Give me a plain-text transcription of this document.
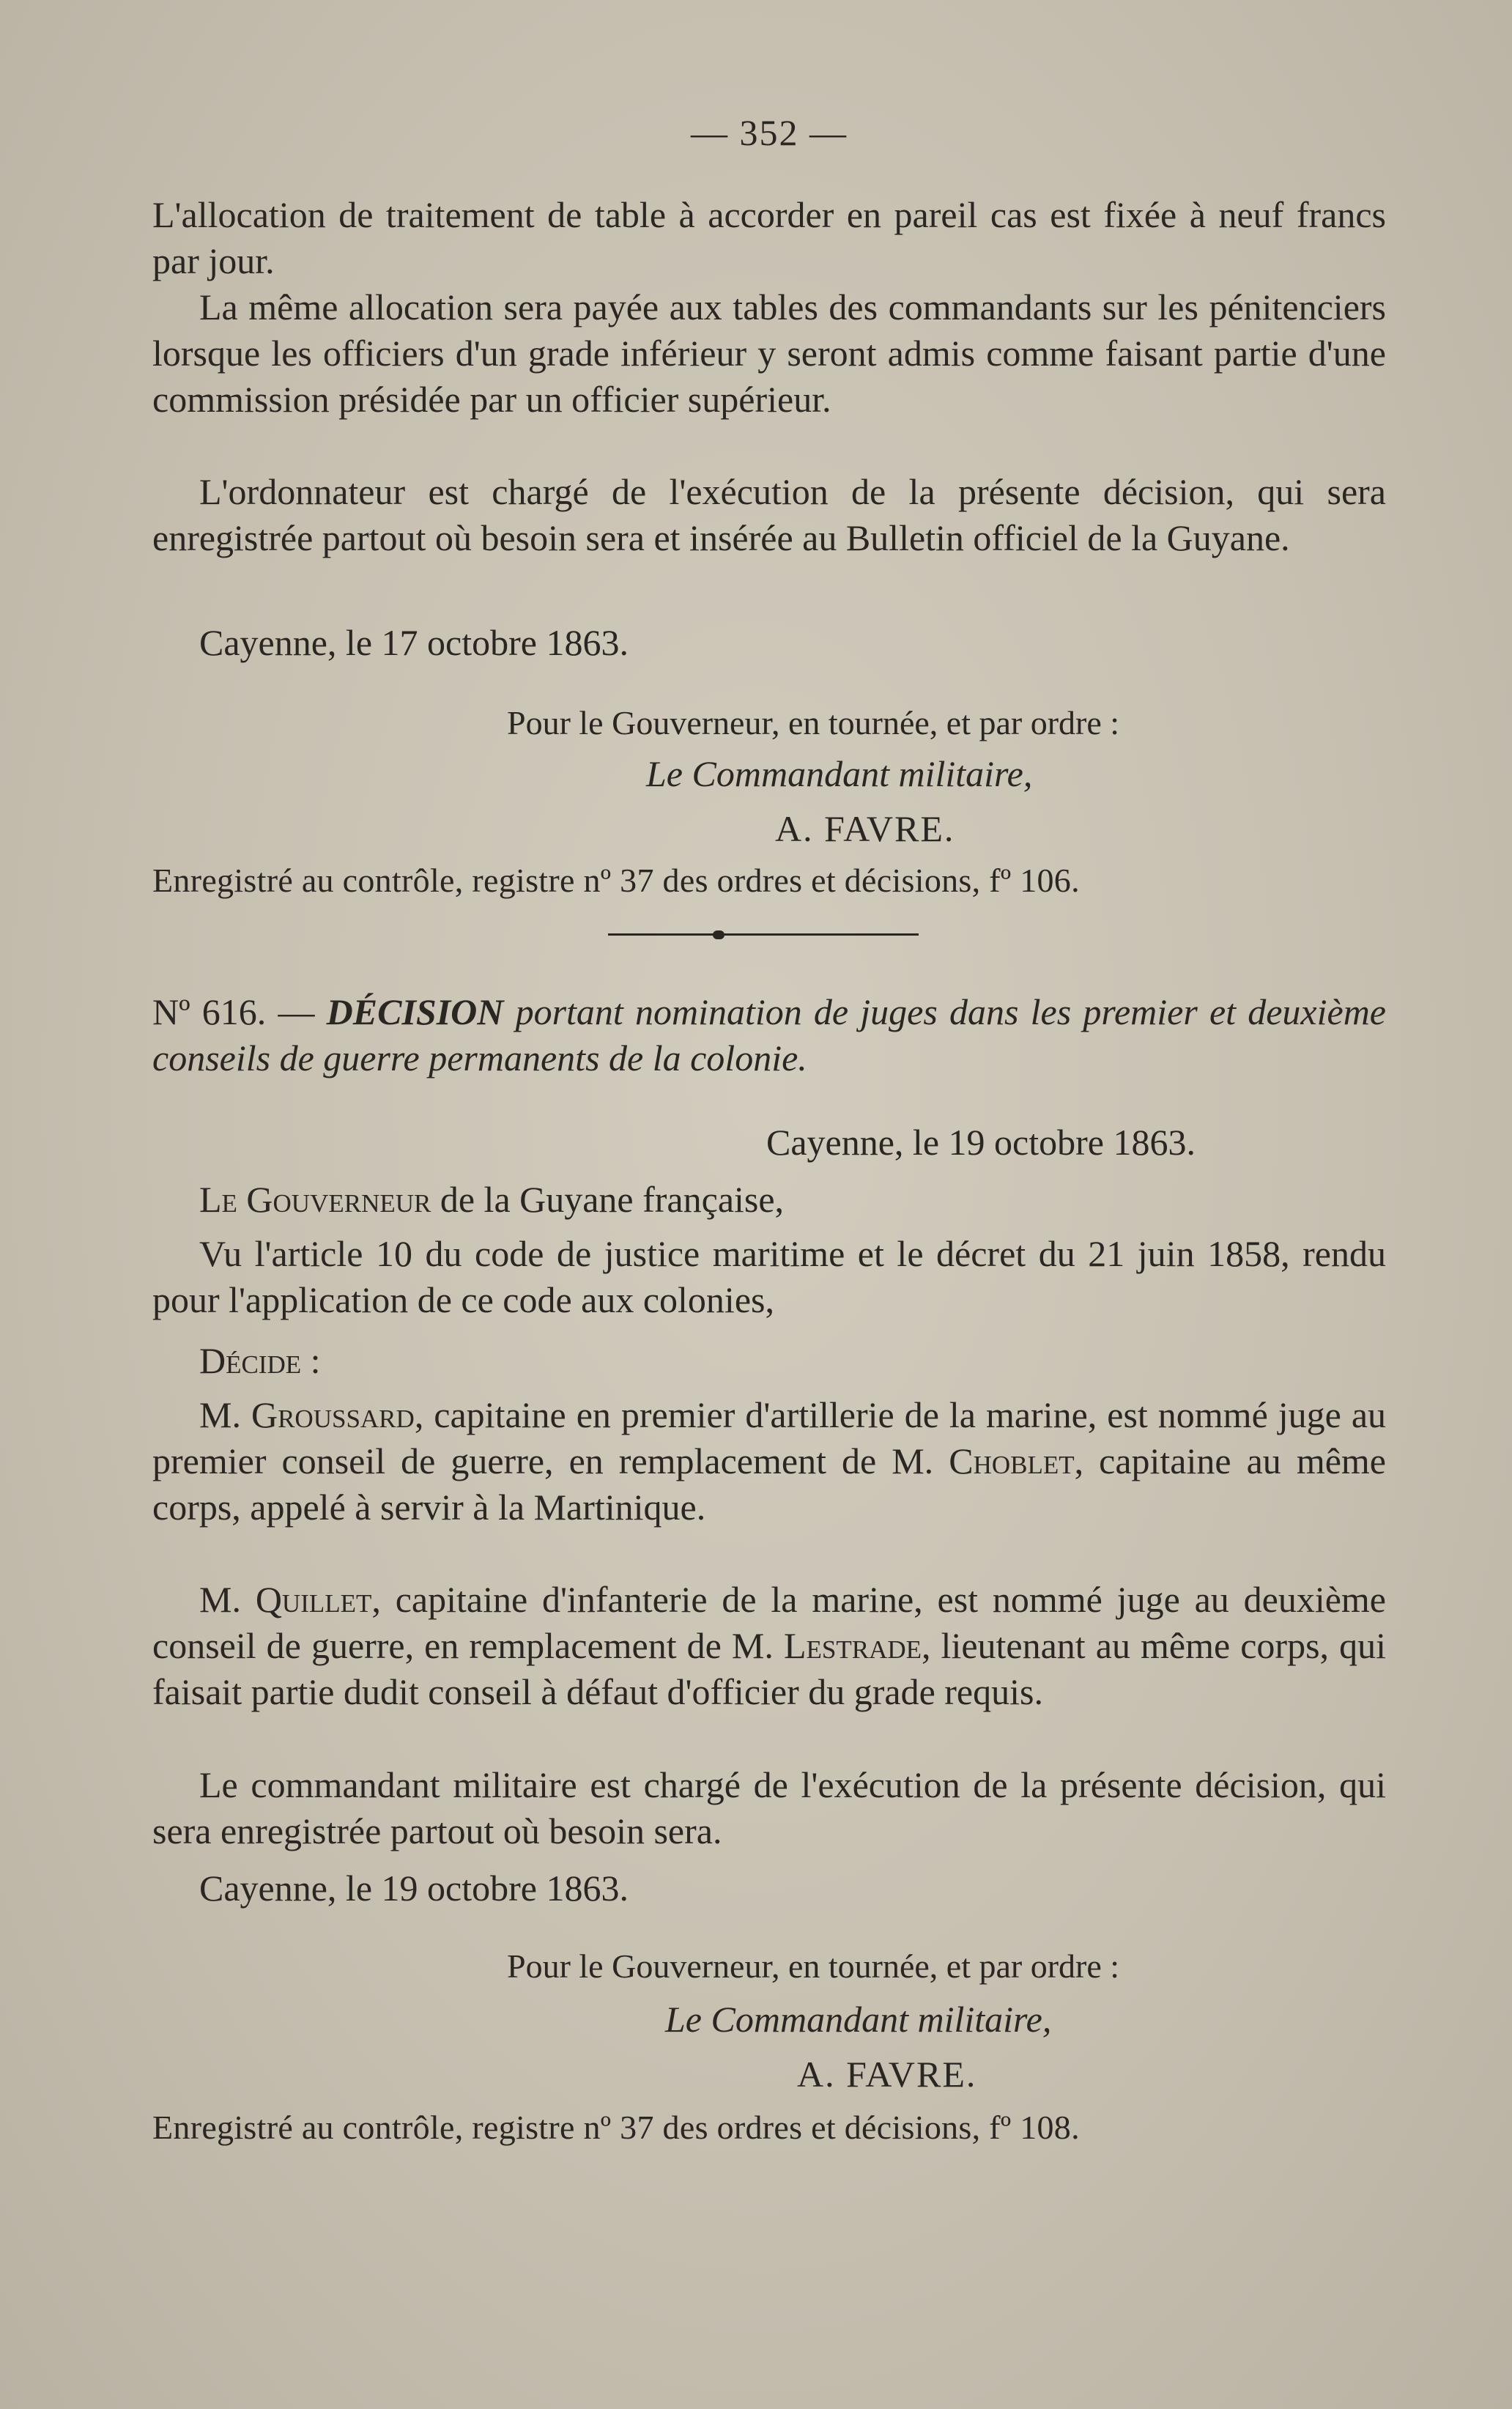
— 352 —

L'allocation de traitement de table à accorder en pareil cas est fixée à neuf francs par jour.

La même allocation sera payée aux tables des commandants sur les pénitenciers lorsque les officiers d'un grade inférieur y seront admis comme faisant partie d'une commission présidée par un officier supérieur.

L'ordonnateur est chargé de l'exécution de la présente décision, qui sera enregistrée partout où besoin sera et insérée au Bulletin officiel de la Guyane.

Cayenne, le 17 octobre 1863.

Pour le Gouverneur, en tournée, et par ordre :

Le Commandant militaire,

A. FAVRE.

Enregistré au contrôle, registre nº 37 des ordres et décisions, fº 106.

Nº 616. — DÉCISION portant nomination de juges dans les premier et deuxième conseils de guerre permanents de la colonie.

Cayenne, le 19 octobre 1863.

Le Gouverneur de la Guyane française,

Vu l'article 10 du code de justice maritime et le décret du 21 juin 1858, rendu pour l'application de ce code aux colonies,

Décide :

M. Groussard, capitaine en premier d'artillerie de la marine, est nommé juge au premier conseil de guerre, en remplacement de M. Choblet, capitaine au même corps, appelé à servir à la Martinique.

M. Quillet, capitaine d'infanterie de la marine, est nommé juge au deuxième conseil de guerre, en remplacement de M. Lestrade, lieutenant au même corps, qui faisait partie dudit conseil à défaut d'officier du grade requis.

Le commandant militaire est chargé de l'exécution de la présente décision, qui sera enregistrée partout où besoin sera.

Cayenne, le 19 octobre 1863.

Pour le Gouverneur, en tournée, et par ordre :

Le Commandant militaire,

A. FAVRE.

Enregistré au contrôle, registre nº 37 des ordres et décisions, fº 108.
